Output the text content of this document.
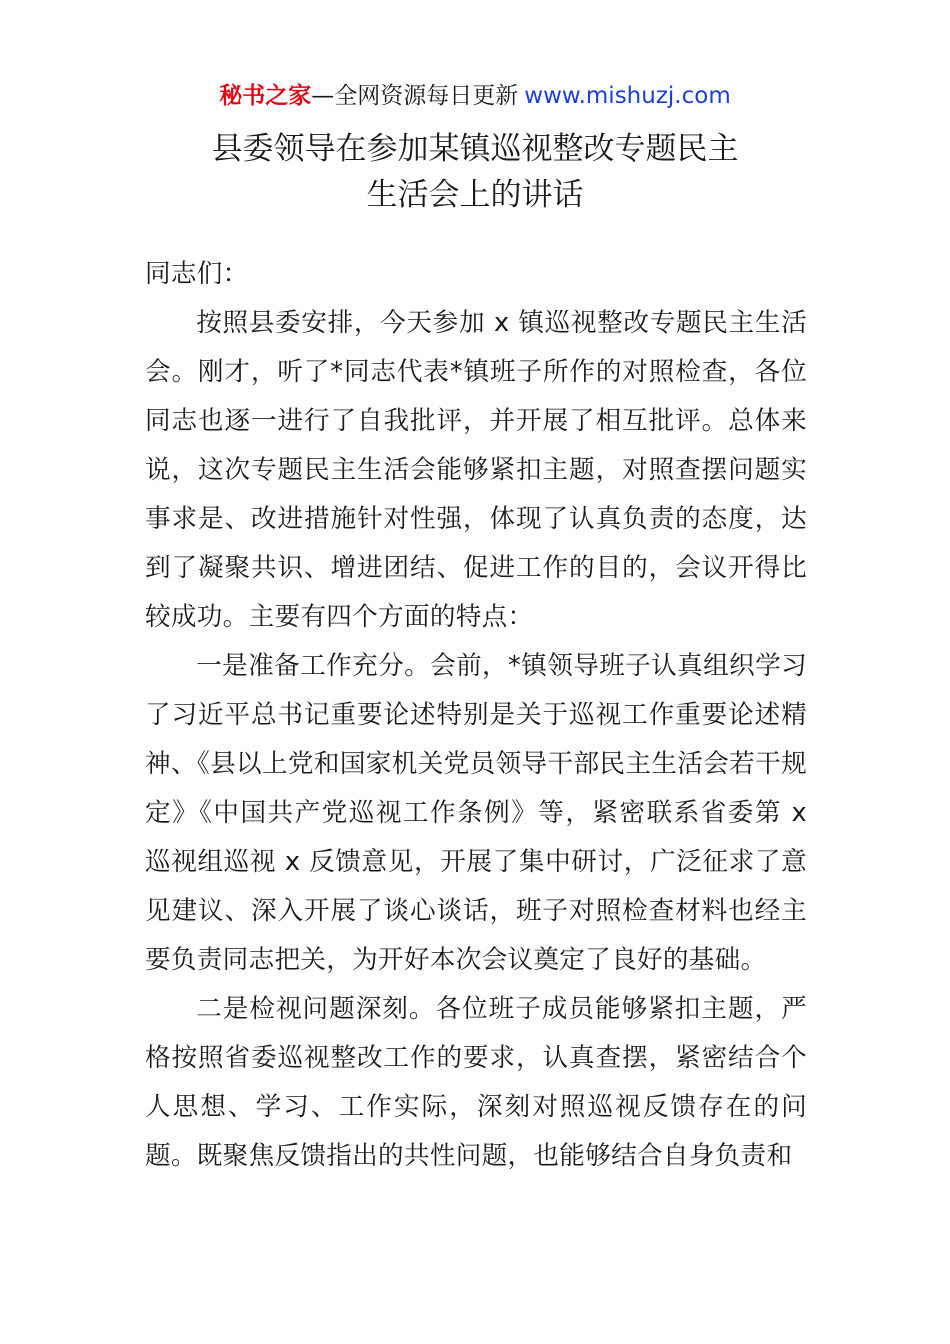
秘书之家—全网资源每日更新 www.mishuzj.com
县委领导在参加某镇巡视整改专题民主
生活会上的讲话

同志们：

按照县委安排，今天参加 x 镇巡视整改专题民主生活会。刚才，听了*同志代表*镇班子所作的对照检查，各位同志也逐一进行了自我批评，并开展了相互批评。总体来说，这次专题民主生活会能够紧扣主题，对照查摆问题实事求是、改进措施针对性强，体现了认真负责的态度，达到了凝聚共识、增进团结、促进工作的目的，会议开得比较成功。主要有四个方面的特点：

一是准备工作充分。会前，*镇领导班子认真组织学习了习近平总书记重要论述特别是关于巡视工作重要论述精神、《县以上党和国家机关党员领导干部民主生活会若干规定》《中国共产党巡视工作条例》等，紧密联系省委第 x 巡视组巡视 x 反馈意见，开展了集中研讨，广泛征求了意见建议、深入开展了谈心谈话，班子对照检查材料也经主要负责同志把关，为开好本次会议奠定了良好的基础。

二是检视问题深刻。各位班子成员能够紧扣主题，严格按照省委巡视整改工作的要求，认真查摆，紧密结合个人思想、学习、工作实际，深刻对照巡视反馈存在的问题。既聚焦反馈指出的共性问题，也能够结合自身负责和
